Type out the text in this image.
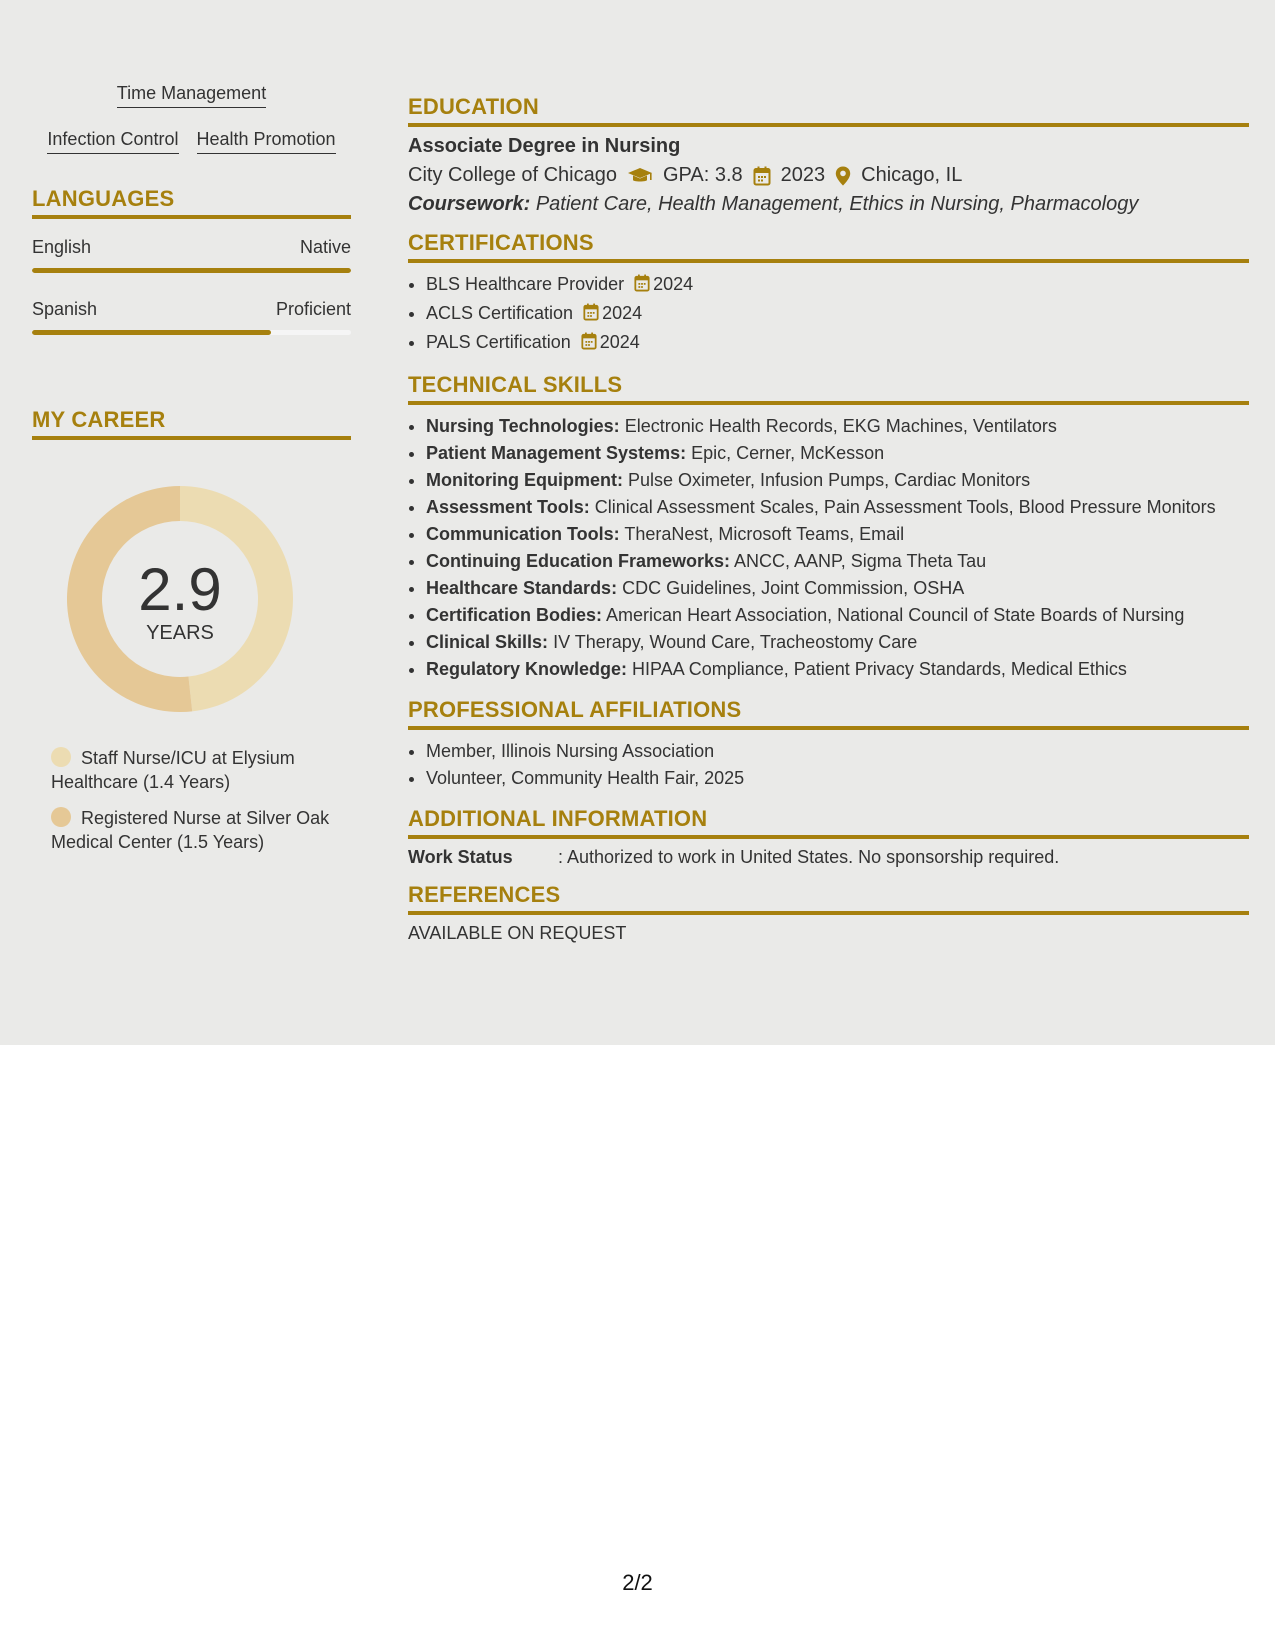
Time Management
Infection Control Health Promotion
LANGUAGES
English	Native
Spanish	Proficient
MY CAREER
2.9
YEARS
Staff Nurse/ICU at Elysium Healthcare (1.4 Years)
Registered Nurse at Silver Oak Medical Center (1.5 Years)
EDUCATION
Associate Degree in Nursing
City College of Chicago GPA: 3.8 2023 Chicago, IL
Coursework: Patient Care, Health Management, Ethics in Nursing, Pharmacology
CERTIFICATIONS
• BLS Healthcare Provider 2024
• ACLS Certification 2024
• PALS Certification 2024
TECHNICAL SKILLS
• Nursing Technologies: Electronic Health Records, EKG Machines, Ventilators
• Patient Management Systems: Epic, Cerner, McKesson
• Monitoring Equipment: Pulse Oximeter, Infusion Pumps, Cardiac Monitors
• Assessment Tools: Clinical Assessment Scales, Pain Assessment Tools, Blood Pressure Monitors
• Communication Tools: TheraNest, Microsoft Teams, Email
• Continuing Education Frameworks: ANCC, AANP, Sigma Theta Tau
• Healthcare Standards: CDC Guidelines, Joint Commission, OSHA
• Certification Bodies: American Heart Association, National Council of State Boards of Nursing
• Clinical Skills: IV Therapy, Wound Care, Tracheostomy Care
• Regulatory Knowledge: HIPAA Compliance, Patient Privacy Standards, Medical Ethics
PROFESSIONAL AFFILIATIONS
• Member, Illinois Nursing Association
• Volunteer, Community Health Fair, 2025
ADDITIONAL INFORMATION
Work Status	: Authorized to work in United States. No sponsorship required.
REFERENCES
AVAILABLE ON REQUEST
2/2
